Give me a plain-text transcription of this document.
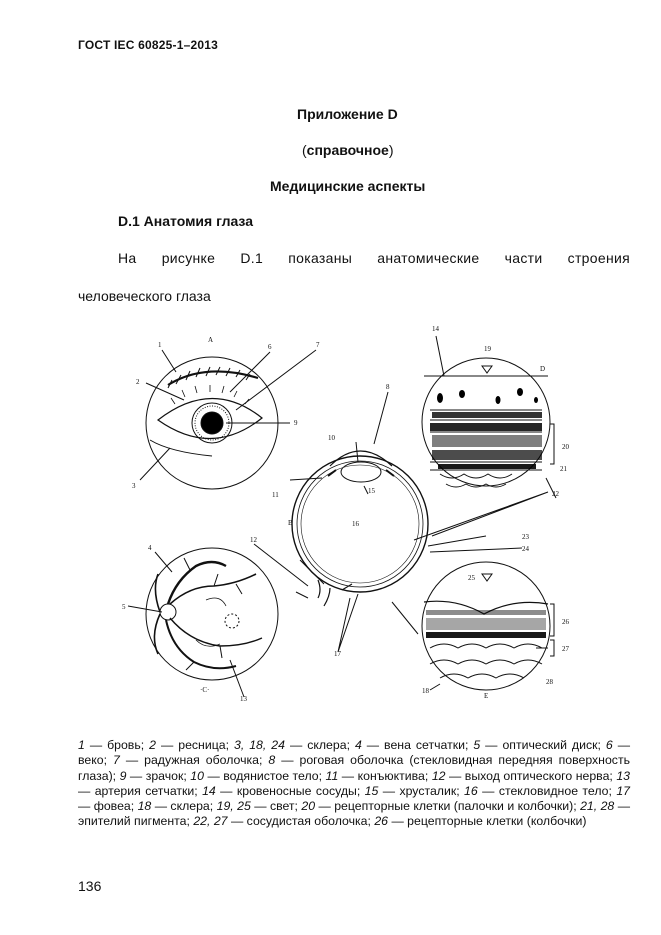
ГОСТ IEC 60825-1–2013
Приложение D
(справочное)
Медицинские аспекты
D.1 Анатомия глаза
На рисунке D.1 показаны анатомические части строения
человеческого глаза
1
2
3
4
5
6	7
8
9
10
11
12
13
14
15
16
17
18
19
20
21
22
23
24
25
26
27
28
A
B
·C·
D
E
1 — бровь; 2 — ресница; 3, 18, 24 — склера; 4 — вена сетчатки; 5 — оптический диск; 6 — веко; 7 — радужная оболочка; 8 — роговая оболочка (стекловидная передняя поверхность глаза); 9 — зрачок; 10 — водянистое тело; 11 — конъюктива; 12 — выход оптического нерва; 13 — артерия сетчатки; 14 — кровеносные сосуды; 15 — хрусталик; 16 — стекловидное тело; 17 — фовеа; 18 — склера; 19, 25 — свет; 20 — рецепторные клетки (палочки и колбочки); 21, 28 — эпителий пигмента; 22, 27 — сосудистая оболочка; 26 — рецепторные клетки (колбочки)
136
